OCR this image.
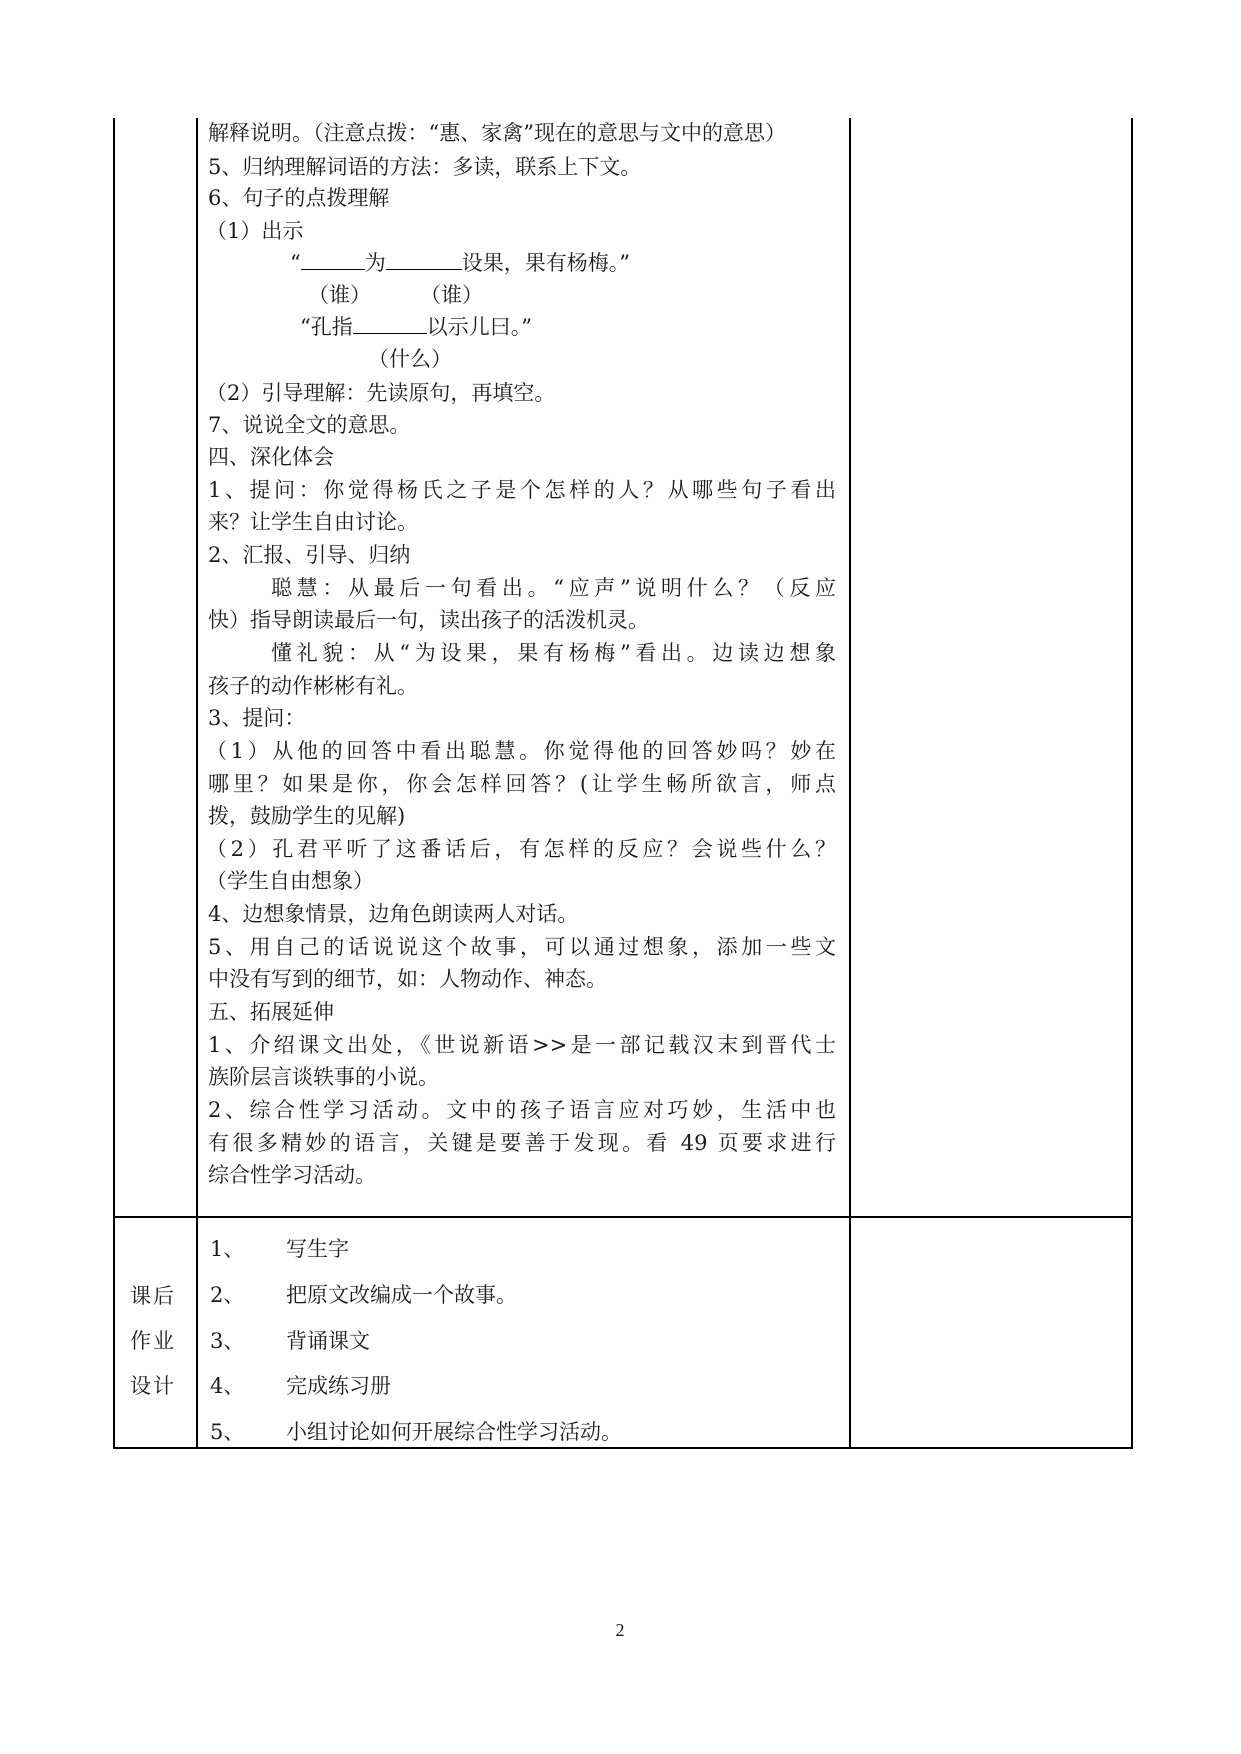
解释说明。（注意点拨：“惠、家禽”现在的意思与文中的意思）
5、归纳理解词语的方法：多读，联系上下文。
6、句子的点拨理解
（1）出示
“	为	设果，果有杨梅。”
（谁） （谁）
“孔指	以示儿曰。”
（什么）
（2）引导理解：先读原句，再填空。
7、说说全文的意思。
四、深化体会
1、提问：你觉得杨氏之子是个怎样的人？从哪些句子看出
来？让学生自由讨论。
2、汇报、引导、归纳
聪慧：从最后一句看出。“应声”说明什么？（反应
快）指导朗读最后一句，读出孩子的活泼机灵。
懂礼貌：从“为设果，果有杨梅”看出。边读边想象
孩子的动作彬彬有礼。
3、提问：
（1）从他的回答中看出聪慧。你觉得他的回答妙吗？妙在
哪里？如果是你，你会怎样回答？(让学生畅所欲言，师点
拨，鼓励学生的见解)
（2）孔君平听了这番话后，有怎样的反应？会说些什么？
（学生自由想象）
4、边想象情景，边角色朗读两人对话。
5、用自己的话说说这个故事，可以通过想象，添加一些文
中没有写到的细节，如：人物动作、神态。
五、拓展延伸
1、介绍课文出处，《世说新语>>是一部记载汉末到晋代士
族阶层言谈轶事的小说。
2、综合性学习活动。文中的孩子语言应对巧妙，生活中也
有很多精妙的语言，关键是要善于发现。看 49 页要求进行
综合性学习活动。
课后
作业
设计
1、 写生字
2、 把原文改编成一个故事。
3、 背诵课文
4、 完成练习册
5、 小组讨论如何开展综合性学习活动。
2
